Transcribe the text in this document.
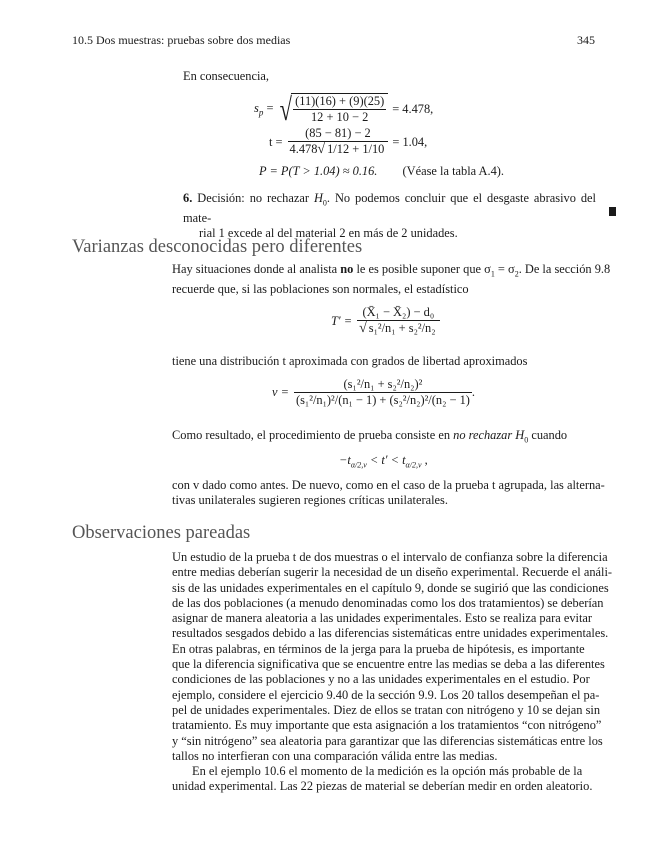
10.5 Dos muestras: pruebas sobre dos medias	345
En consecuencia,
$s_p$ = √ $\frac{(11)(16) + (9)(25)}{12 + 10 - 2} = 4.478$,
$t = \frac{(85 - 81) - 2}{4.478√ 1/12 + 1/10} = 1.04$,
P = P(T > 1.04) ≈ 0.16. (Véase la tabla A.4).
6. Decisión: no rechazar $H_0$. No podemos concluir que el desgaste abrasivo del mate-
rial 1 excede al del material 2 en más de 2 unidades.
Varianzas desconocidas pero diferentes
Hay situaciones donde al analista no le es posible suponer que $\sigma_1 = \sigma_2$. De la sección 9.8
recuerde que, si las poblaciones son normales, el estadístico
$T' = \frac{\text{(X̄₁ − X̄₂) − d₀}}{\text{√ s₁²/n₁ + s₂²/n₂}}$
tiene una distribución t aproximada con grados de libertad aproximados
$v = \frac{\text{(s₁²/n₁ + s₂²/n₂)²}}{\text{(s₁²/n₁)²/(n₁ − 1) + (s₂²/n₂)²/(n₂ − 1)}}$ .
Como resultado, el procedimiento de prueba consiste en no rechazar $H_0$ cuando
$-t_{\alpha/2,v} < t' < t_{\alpha/2,v}$ ,
con v dado como antes. De nuevo, como en el caso de la prueba t agrupada, las alterna-
tivas unilaterales sugieren regiones críticas unilaterales.
Observaciones pareadas
Un estudio de la prueba t de dos muestras o el intervalo de confianza sobre la diferencia
entre medias deberían sugerir la necesidad de un diseño experimental. Recuerde el análi-
sis de las unidades experimentales en el capítulo 9, donde se sugirió que las condiciones
de las dos poblaciones (a menudo denominadas como los dos tratamientos) se deberían
asignar de manera aleatoria a las unidades experimentales. Esto se realiza para evitar
resultados sesgados debido a las diferencias sistemáticas entre unidades experimentales.
En otras palabras, en términos de la jerga para la prueba de hipótesis, es importante
que la diferencia significativa que se encuentre entre las medias se deba a las diferentes
condiciones de las poblaciones y no a las unidades experimentales en el estudio. Por
ejemplo, considere el ejercicio 9.40 de la sección 9.9. Los 20 tallos desempeñan el pa-
pel de unidades experimentales. Diez de ellos se tratan con nitrógeno y 10 se dejan sin
tratamiento. Es muy importante que esta asignación a los tratamientos “con nitrógeno”
y “sin nitrógeno” sea aleatoria para garantizar que las diferencias sistemáticas entre los
tallos no interfieran con una comparación válida entre las medias.
En el ejemplo 10.6 el momento de la medición es la opción más probable de la
unidad experimental. Las 22 piezas de material se deberían medir en orden aleatorio.
